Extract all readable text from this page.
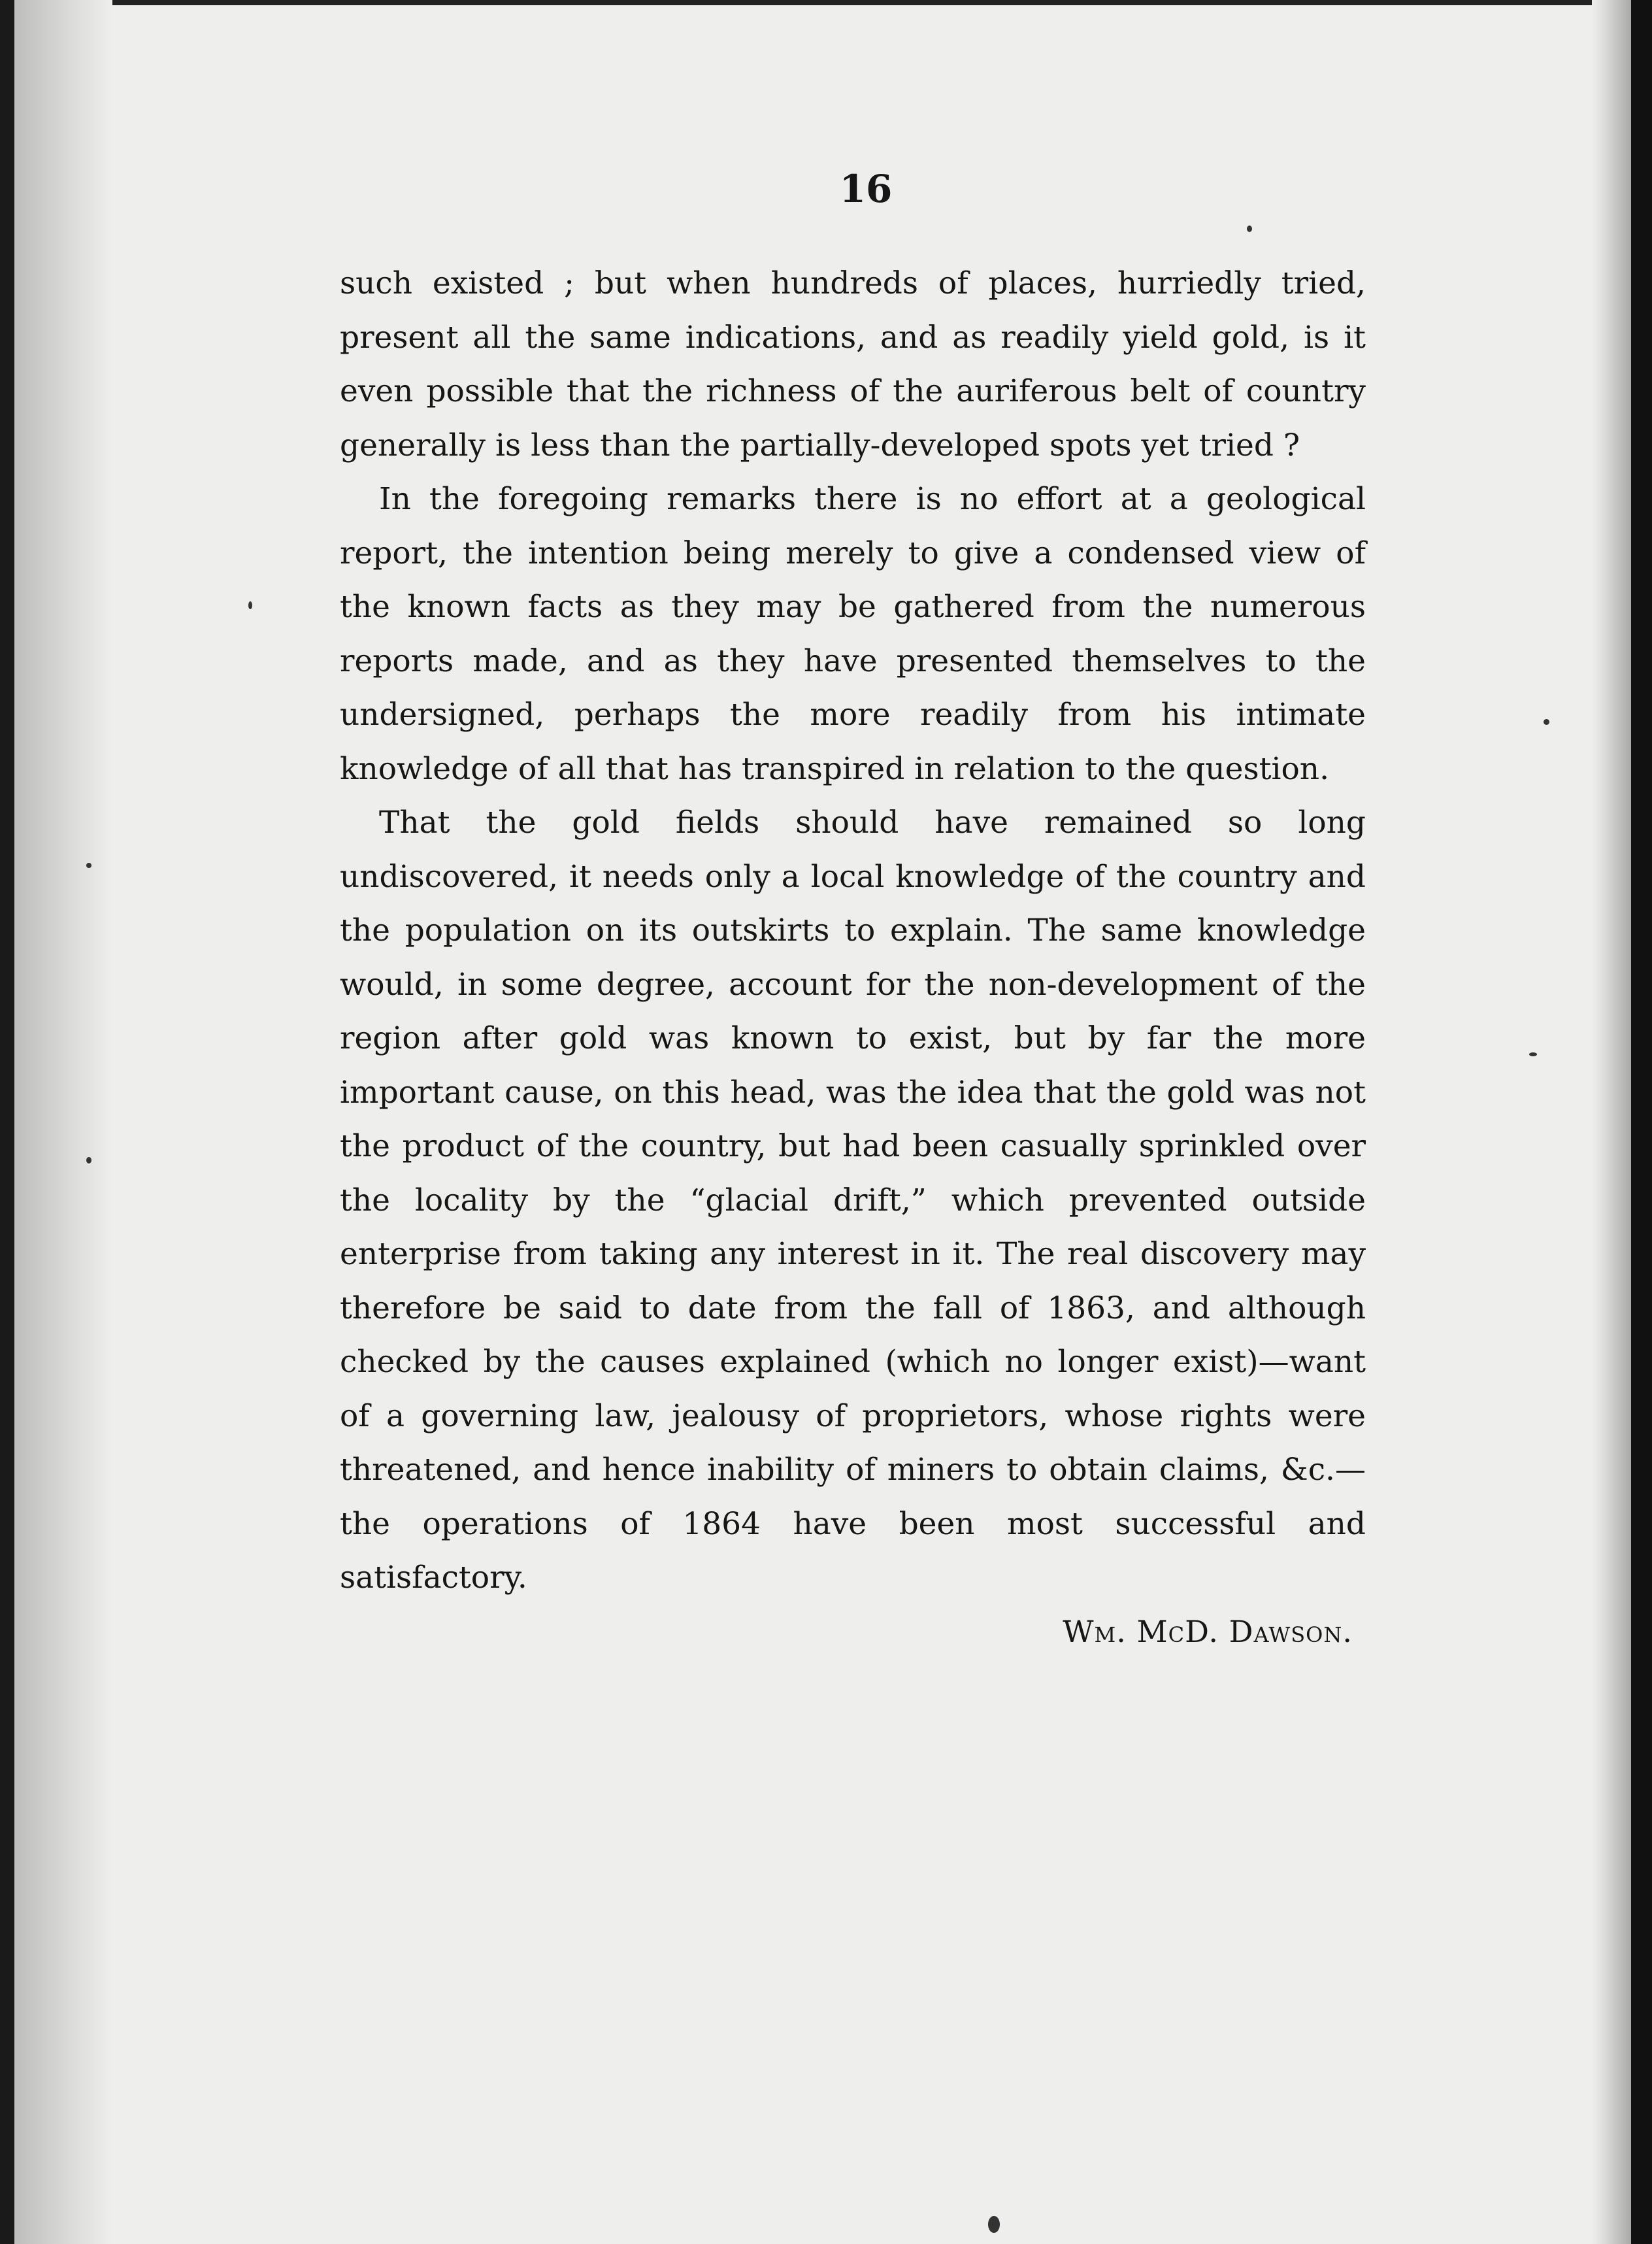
16

such existed ; but when hundreds of places, hurriedly tried, present all the same indications, and as readily yield gold, is it even possible that the richness of the auriferous belt of country generally is less than the partially-developed spots yet tried ?

In the foregoing remarks there is no effort at a geological report, the intention being merely to give a condensed view of the known facts as they may be gathered from the numerous reports made, and as they have presented themselves to the undersigned, perhaps the more readily from his intimate knowledge of all that has transpired in relation to the question.

That the gold fields should have remained so long undiscovered, it needs only a local knowledge of the country and the population on its outskirts to explain. The same knowledge would, in some degree, account for the non-development of the region after gold was known to exist, but by far the more important cause, on this head, was the idea that the gold was not the product of the country, but had been casually sprinkled over the locality by the “glacial drift,” which prevented outside enterprise from taking any interest in it. The real discovery may therefore be said to date from the fall of 1863, and although checked by the causes explained (which no longer exist)—want of a governing law, jealousy of proprietors, whose rights were threatened, and hence inability of miners to obtain claims, &c.—the operations of 1864 have been most successful and satisfactory.

Wm. McD. Dawson.
